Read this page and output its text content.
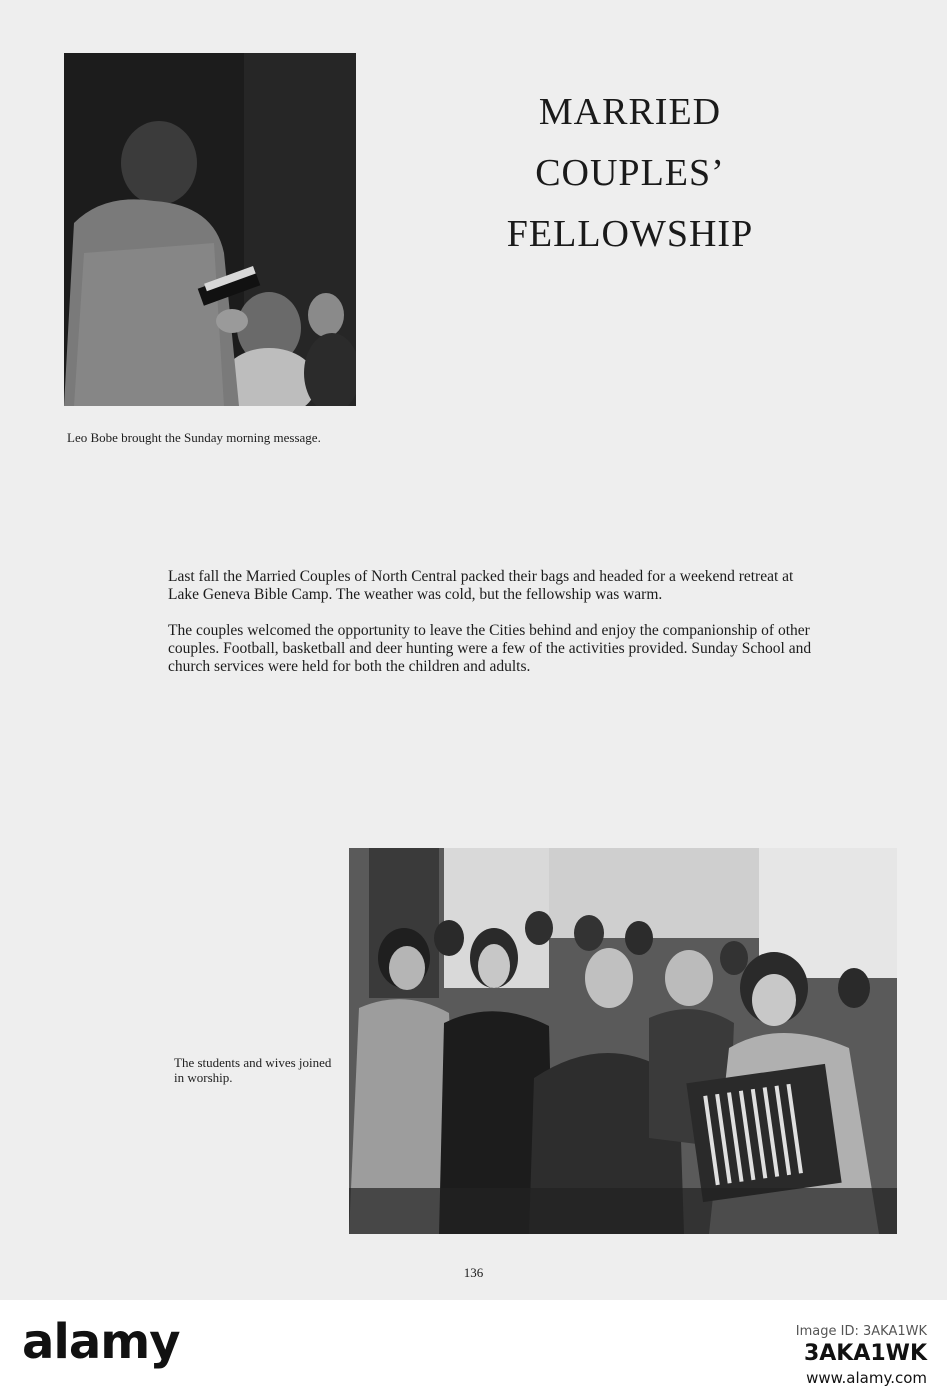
Leo Bobe brought the Sunday morning message.
MARRIED
COUPLES’
FELLOWSHIP

Last fall the Married Couples of North Central packed their bags and headed for a weekend retreat at Lake Geneva Bible Camp. The weather was cold, but the fellowship was warm.

The couples welcomed the opportunity to leave the Cities behind and enjoy the companionship of other couples. Football, basketball and deer hunting were a few of the activities provided. Sunday School and church services were held for both the children and adults.

The students and wives joined in worship.
136
alamy	Image ID: 3AKA1WK
3AKA1WK
www.alamy.com
